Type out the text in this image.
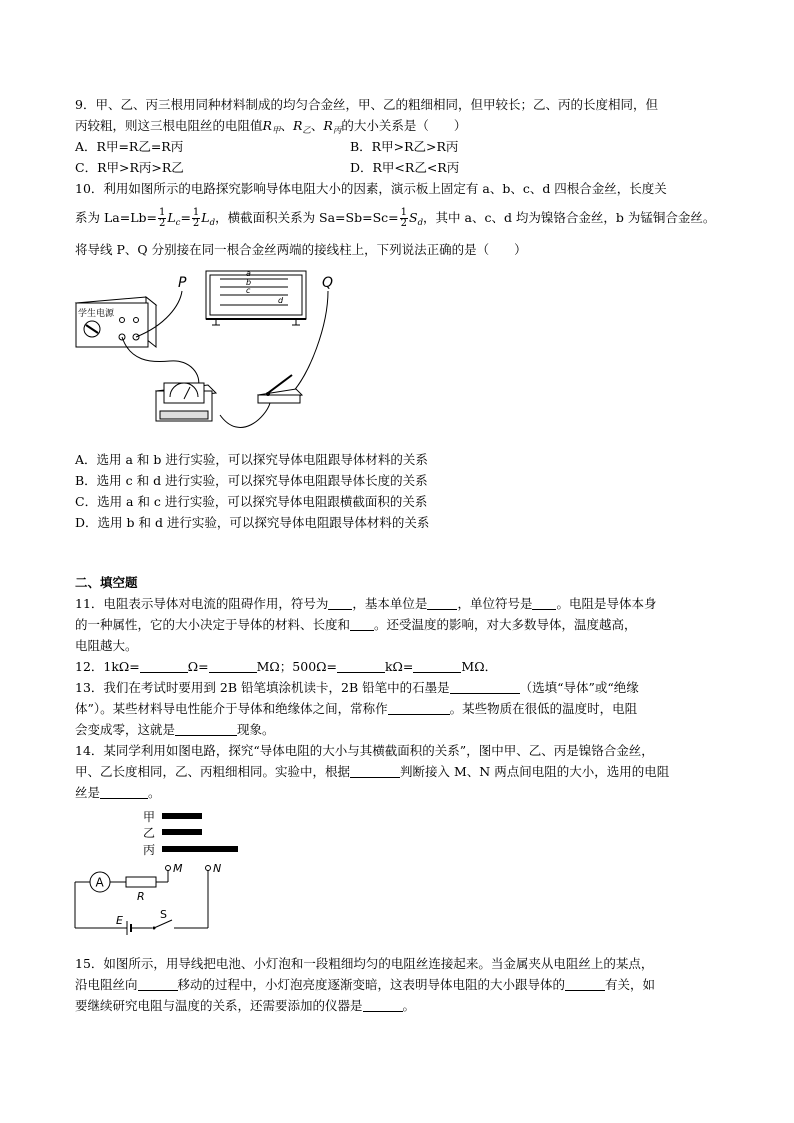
9．甲、乙、丙三根用同种材料制成的均匀合金丝，甲、乙的粗细相同，但甲较长；乙、丙的长度相同，但
丙较粗，则这三根电阻丝的电阻值$R_甲$、$R_乙$、$R_丙$的大小关系是（　　）
A．R甲=R乙=R丙	B．R甲>R乙>R丙
C．R甲>R丙>R乙	D．R甲<R乙<R丙
10．利用如图所示的电路探究影响导体电阻大小的因素，演示板上固定有 a、b、c、d 四根合金丝，长度关
系为 $La=Lb= \frac{1}{2} L_c= \frac{1}{2} L_d$，横截面积关系为 $Sa=Sb=Sc= \frac{1}{2} S_d$，其中 a、c、d 均为镍铬合金丝，b 为锰铜合金丝。
将导线 P、Q 分别接在同一根合金丝两端的接线柱上，下列说法正确的是（　　）
学生电源
a
b
c
d
P	Q
A．选用 a 和 b 进行实验，可以探究导体电阻跟导体材料的关系
B．选用 c 和 d 进行实验，可以探究导体电阻跟导体长度的关系
C．选用 a 和 c 进行实验，可以探究导体电阻跟横截面积的关系
D．选用 b 和 d 进行实验，可以探究导体电阻跟导体材料的关系
二、填空题
11．电阻表示导体对电流的阻碍作用，符号为 ，基本单位是 ，单位符号是 。电阻是导体本身
的一种属性，它的大小决定于导体的材料、长度和 。还受温度的影响，对大多数导体，温度越高，
电阻越大。
12．1kΩ=	Ω=	MΩ；500Ω=	kΩ=	MΩ．
13．我们在考试时要用到 2B 铅笔填涂机读卡，2B 铅笔中的石墨是	（选填“导体”或“绝缘
体”）。某些材料导电性能介于导体和绝缘体之间，常称作	。某些物质在很低的温度时，电阻
会变成零，这就是	现象。
14．某同学利用如图电路，探究“导体电阻的大小与其横截面积的关系”，图中甲、乙、丙是镍铬合金丝，
甲、乙长度相同，乙、丙粗细相同。实验中，根据	判断接入 M、N 两点间电阻的大小，选用的电阻
丝是	。
甲
乙
丙
A
R
M	N
E	S
15．如图所示，用导线把电池、小灯泡和一段粗细均匀的电阻丝连接起来。当金属夹从电阻丝上的某点，
沿电阻丝向	移动的过程中，小灯泡亮度逐渐变暗，这表明导体电阻的大小跟导体的	有关，如
要继续研究电阻与温度的关系，还需要添加的仪器是	。
